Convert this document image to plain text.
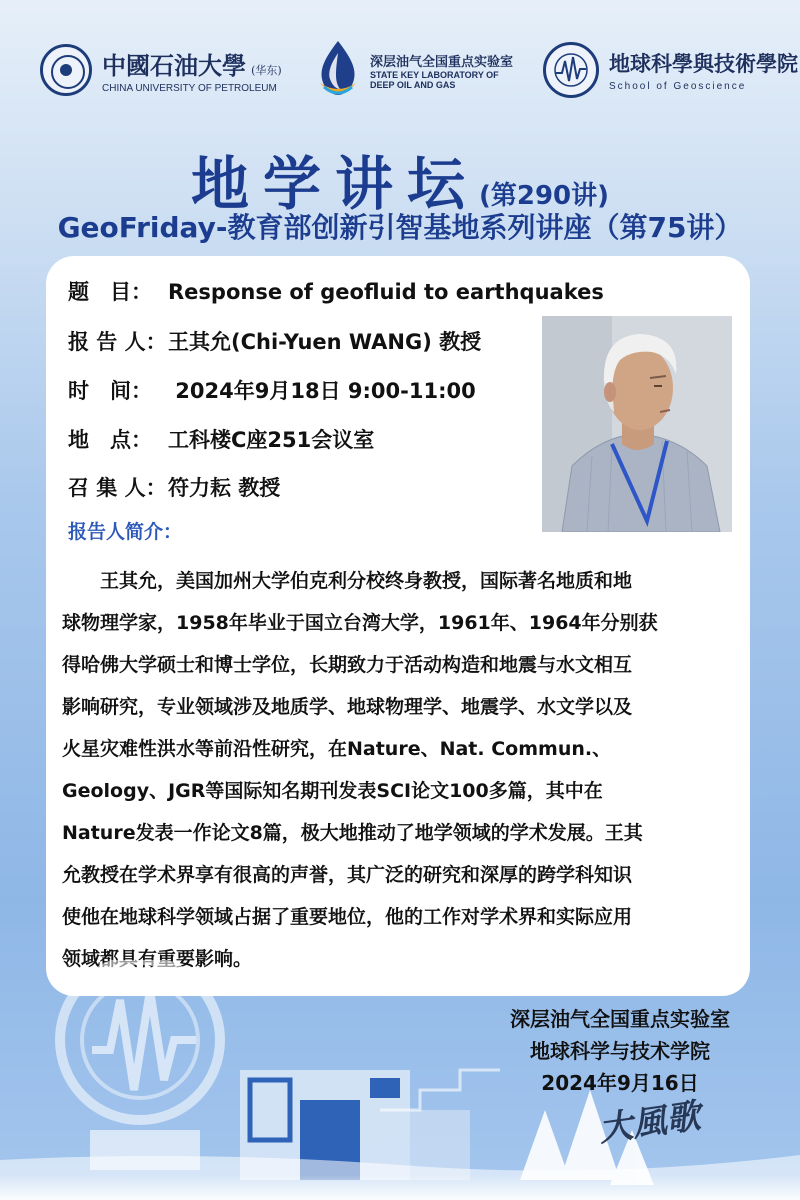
中國石油大學 (华东)
CHINA UNIVERSITY OF PETROLEUM
深层油气全国重点实验室
STATE KEY LABORATORY OF
DEEP OIL AND GAS
地球科學與技術學院
School of Geoscience
地学讲坛(第290讲)
GeoFriday-教育部创新引智基地系列讲座（第75讲）
题　目： Response of geofluid to earthquakes
报 告 人：王其允(Chi-Yuen WANG) 教授
时　间： 2024年9月18日 9:00-11:00
地　点： 工科楼C座251会议室
召 集 人：符力耘 教授
报告人简介：
　　王其允，美国加州大学伯克利分校终身教授，国际著名地质和地
球物理学家，1958年毕业于国立台湾大学，1961年、1964年分别获
得哈佛大学硕士和博士学位，长期致力于活动构造和地震与水文相互
影响研究，专业领域涉及地质学、地球物理学、地震学、水文学以及
火星灾难性洪水等前沿性研究，在Nature、Nat. Commun.、
Geology、JGR等国际知名期刊发表SCI论文100多篇，其中在
Nature发表一作论文8篇，极大地推动了地学领域的学术发展。王其
允教授在学术界享有很高的声誉，其广泛的研究和深厚的跨学科知识
使他在地球科学领域占据了重要地位，他的工作对学术界和实际应用
领域都具有重要影响。
大風歌
深层油气全国重点实验室
地球科学与技术学院
2024年9月16日
